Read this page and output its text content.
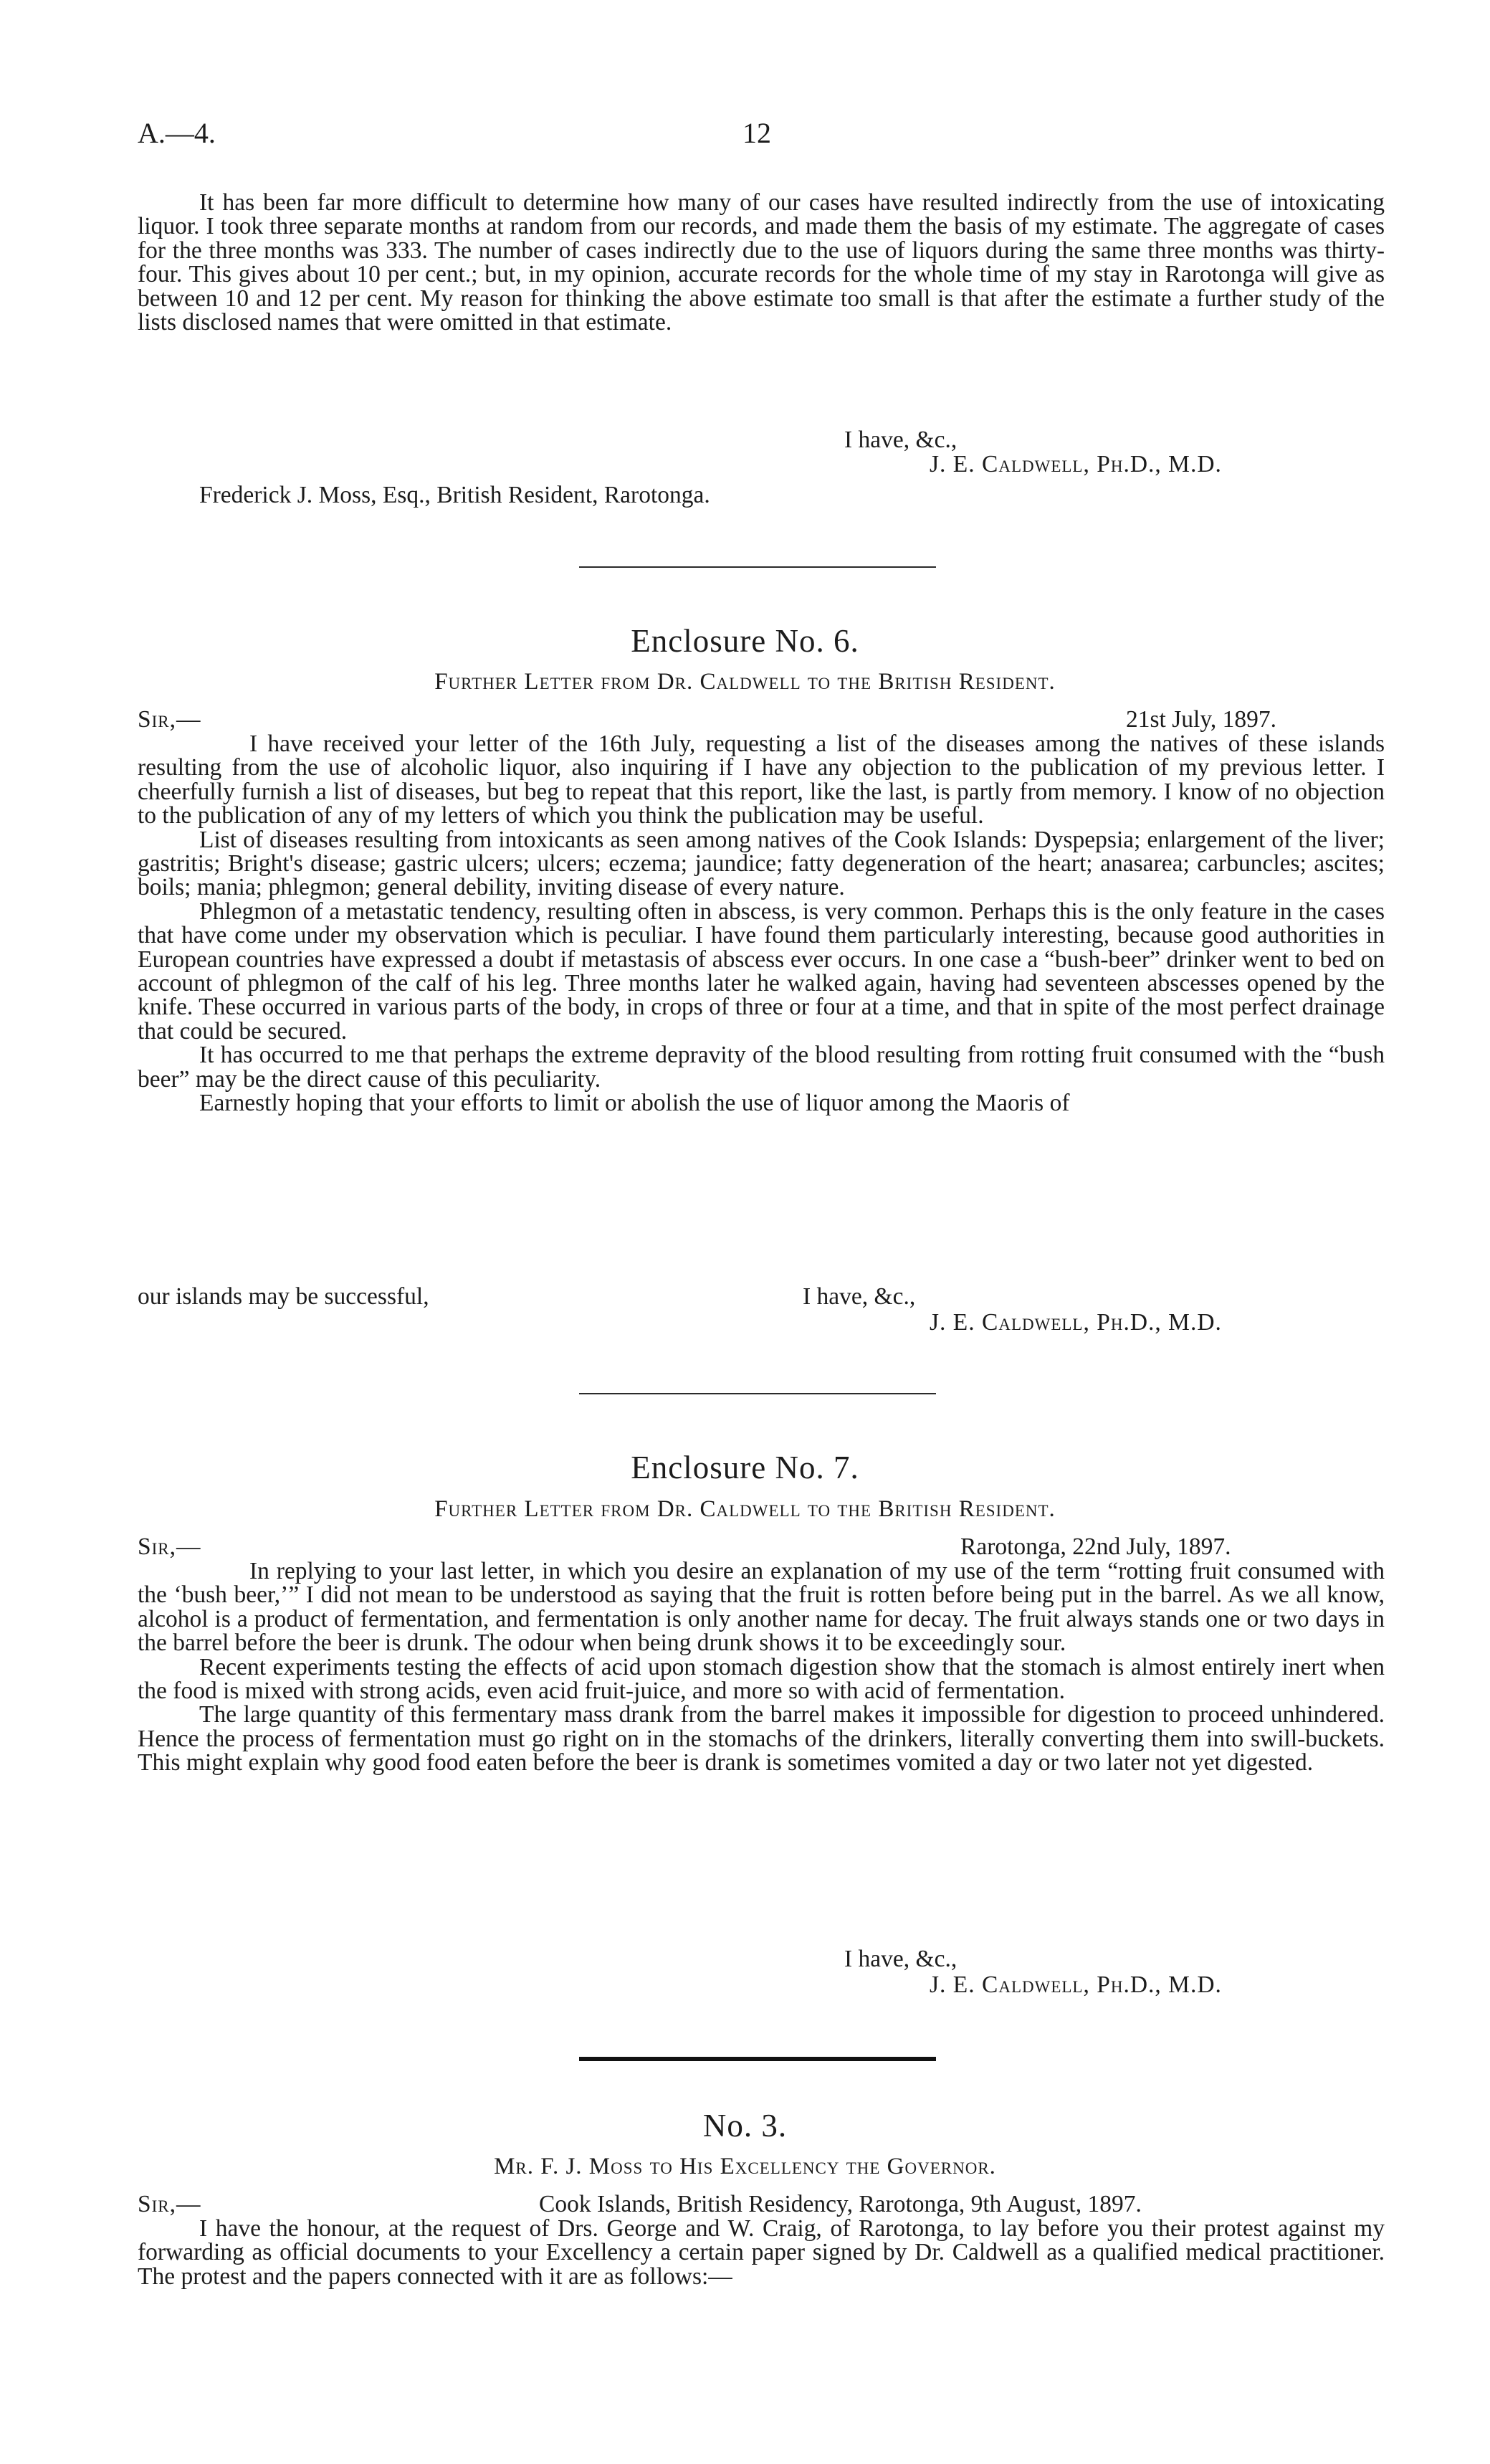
A.—4.	12

It has been far more difficult to determine how many of our cases have resulted indirectly from the use of intoxicating liquor. I took three separate months at random from our records, and made them the basis of my estimate. The aggregate of cases for the three months was 333. The number of cases indirectly due to the use of liquors during the same three months was thirty-four. This gives about 10 per cent.; but, in my opinion, accurate records for the whole time of my stay in Rarotonga will give as between 10 and 12 per cent. My reason for thinking the above estimate too small is that after the estimate a further study of the lists disclosed names that were omitted in that estimate.

I have, &c.,
J. E. Caldwell, Ph.D., M.D.
Frederick J. Moss, Esq., British Resident, Rarotonga.
Enclosure No. 6.
Further Letter from Dr. Caldwell to the British Resident.
Sir,—	21st July, 1897.

I have received your letter of the 16th July, requesting a list of the diseases among the natives of these islands resulting from the use of alcoholic liquor, also inquiring if I have any objection to the publication of my previous letter. I cheerfully furnish a list of diseases, but beg to repeat that this report, like the last, is partly from memory. I know of no objection to the publication of any of my letters of which you think the publication may be useful.

List of diseases resulting from intoxicants as seen among natives of the Cook Islands: Dyspepsia; enlargement of the liver; gastritis; Bright's disease; gastric ulcers; ulcers; eczema; jaundice; fatty degeneration of the heart; anasarea; carbuncles; ascites; boils; mania; phlegmon; general debility, inviting disease of every nature.

Phlegmon of a metastatic tendency, resulting often in abscess, is very common. Perhaps this is the only feature in the cases that have come under my observation which is peculiar. I have found them particularly interesting, because good authorities in European countries have expressed a doubt if metastasis of abscess ever occurs. In one case a “bush-beer” drinker went to bed on account of phlegmon of the calf of his leg. Three months later he walked again, having had seventeen abscesses opened by the knife. These occurred in various parts of the body, in crops of three or four at a time, and that in spite of the most perfect drainage that could be secured.

It has occurred to me that perhaps the extreme depravity of the blood resulting from rotting fruit consumed with the “bush beer” may be the direct cause of this peculiarity.

Earnestly hoping that your efforts to limit or abolish the use of liquor among the Maoris of

our islands may be successful,	I have, &c.,
J. E. Caldwell, Ph.D., M.D.
Enclosure No. 7.
Further Letter from Dr. Caldwell to the British Resident.
Sir,—	Rarotonga, 22nd July, 1897.

In replying to your last letter, in which you desire an explanation of my use of the term “rotting fruit consumed with the ‘bush beer,’” I did not mean to be understood as saying that the fruit is rotten before being put in the barrel. As we all know, alcohol is a product of fermentation, and fermentation is only another name for decay. The fruit always stands one or two days in the barrel before the beer is drunk. The odour when being drunk shows it to be exceedingly sour.

Recent experiments testing the effects of acid upon stomach digestion show that the stomach is almost entirely inert when the food is mixed with strong acids, even acid fruit-juice, and more so with acid of fermentation.

The large quantity of this fermentary mass drank from the barrel makes it impossible for digestion to proceed unhindered. Hence the process of fermentation must go right on in the stomachs of the drinkers, literally converting them into swill-buckets. This might explain why good food eaten before the beer is drank is sometimes vomited a day or two later not yet digested.

I have, &c.,
J. E. Caldwell, Ph.D., M.D.
No. 3.
Mr. F. J. Moss to His Excellency the Governor.
Sir,—	Cook Islands, British Residency, Rarotonga, 9th August, 1897.

I have the honour, at the request of Drs. George and W. Craig, of Rarotonga, to lay before you their protest against my forwarding as official documents to your Excellency a certain paper signed by Dr. Caldwell as a qualified medical practitioner. The protest and the papers connected with it are as follows:—
